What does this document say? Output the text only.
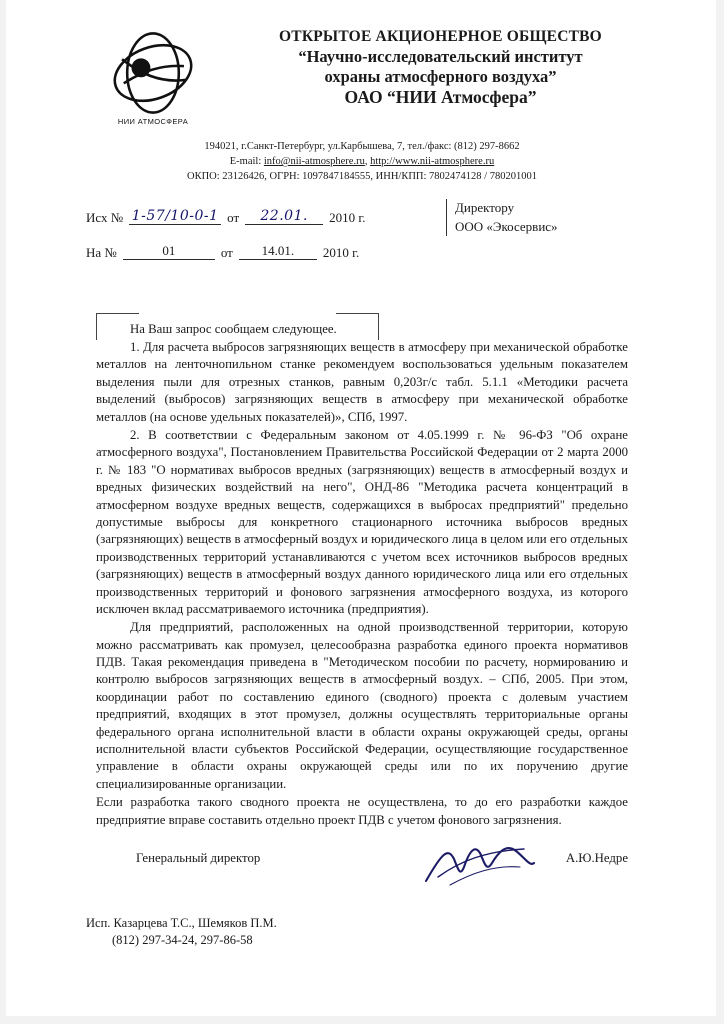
НИИ АТМОСФЕРА
ОТКРЫТОЕ АКЦИОНЕРНОЕ ОБЩЕСТВО
“Научно-исследовательский институт
охраны атмосферного воздуха”
ОАО “НИИ Атмосфера”
194021, г.Санкт-Петербург, ул.Карбышева, 7, тел./факс: (812) 297-8662
E-mail: info@nii-atmosphere.ru, http://www.nii-atmosphere.ru
ОКПО: 23126426, ОГРН: 1097847184555, ИНН/КПП: 7802474128 / 780201001
Исх № 1-57/10-0-1 от	22.01.	2010 г.
На №	01	от	14.01.	2010 г.
Директору
ООО «Экосервис»

На Ваш запрос сообщаем следующее.

1. Для расчета выбросов загрязняющих веществ в атмосферу при механической обработке металлов на ленточнопильном станке рекомендуем воспользоваться удельным показателем выделения пыли для отрезных станков, равным 0,203г/с табл. 5.1.1 «Методики расчета выделений (выбросов) загрязняющих веществ в атмосферу при механической обработке металлов (на основе удельных показателей)», СПб, 1997.

2. В соответствии с Федеральным законом от 4.05.1999 г. № 96-ФЗ "Об охране атмосферного воздуха", Постановлением Правительства Российской Федерации от 2 марта 2000 г. № 183 "О нормативах выбросов вредных (загрязняющих) веществ в атмосферный воздух и вредных физических воздействий на него", ОНД-86 "Методика расчета концентраций в атмосферном воздухе вредных веществ, содержащихся в выбросах предприятий" предельно допустимые выбросы для конкретного стационарного источника выбросов вредных (загрязняющих) веществ в атмосферный воздух и юридического лица в целом или его отдельных производственных территорий устанавливаются с учетом всех источников выбросов вредных (загрязняющих) веществ в атмосферный воздух данного юридического лица или его отдельных производственных территорий и фонового загрязнения атмосферного воздуха, из которого исключен вклад рассматриваемого источника (предприятия).

Для предприятий, расположенных на одной производственной территории, которую можно рассматривать как промузел, целесообразна разработка единого проекта нормативов ПДВ. Такая рекомендация приведена в "Методическом пособии по расчету, нормированию и контролю выбросов загрязняющих веществ в атмосферный воздух. – СПб, 2005. При этом, координации работ по составлению единого (сводного) проекта с долевым участием предприятий, входящих в этот промузел, должны осуществлять территориальные органы федерального органа исполнительной власти в области охраны окружающей среды, органы исполнительной власти субъектов Российской Федерации, осуществляющие государственное управление в области охраны окружающей среды или по их поручению другие специализированные организации.

Если разработка такого сводного проекта не осуществлена, то до его разработки каждое предприятие вправе составить отдельно проект ПДВ с учетом фонового загрязнения.

Генеральный директор	А.Ю.Недре
Исп. Казарцева Т.С., Шемяков П.М.
(812) 297-34-24, 297-86-58
